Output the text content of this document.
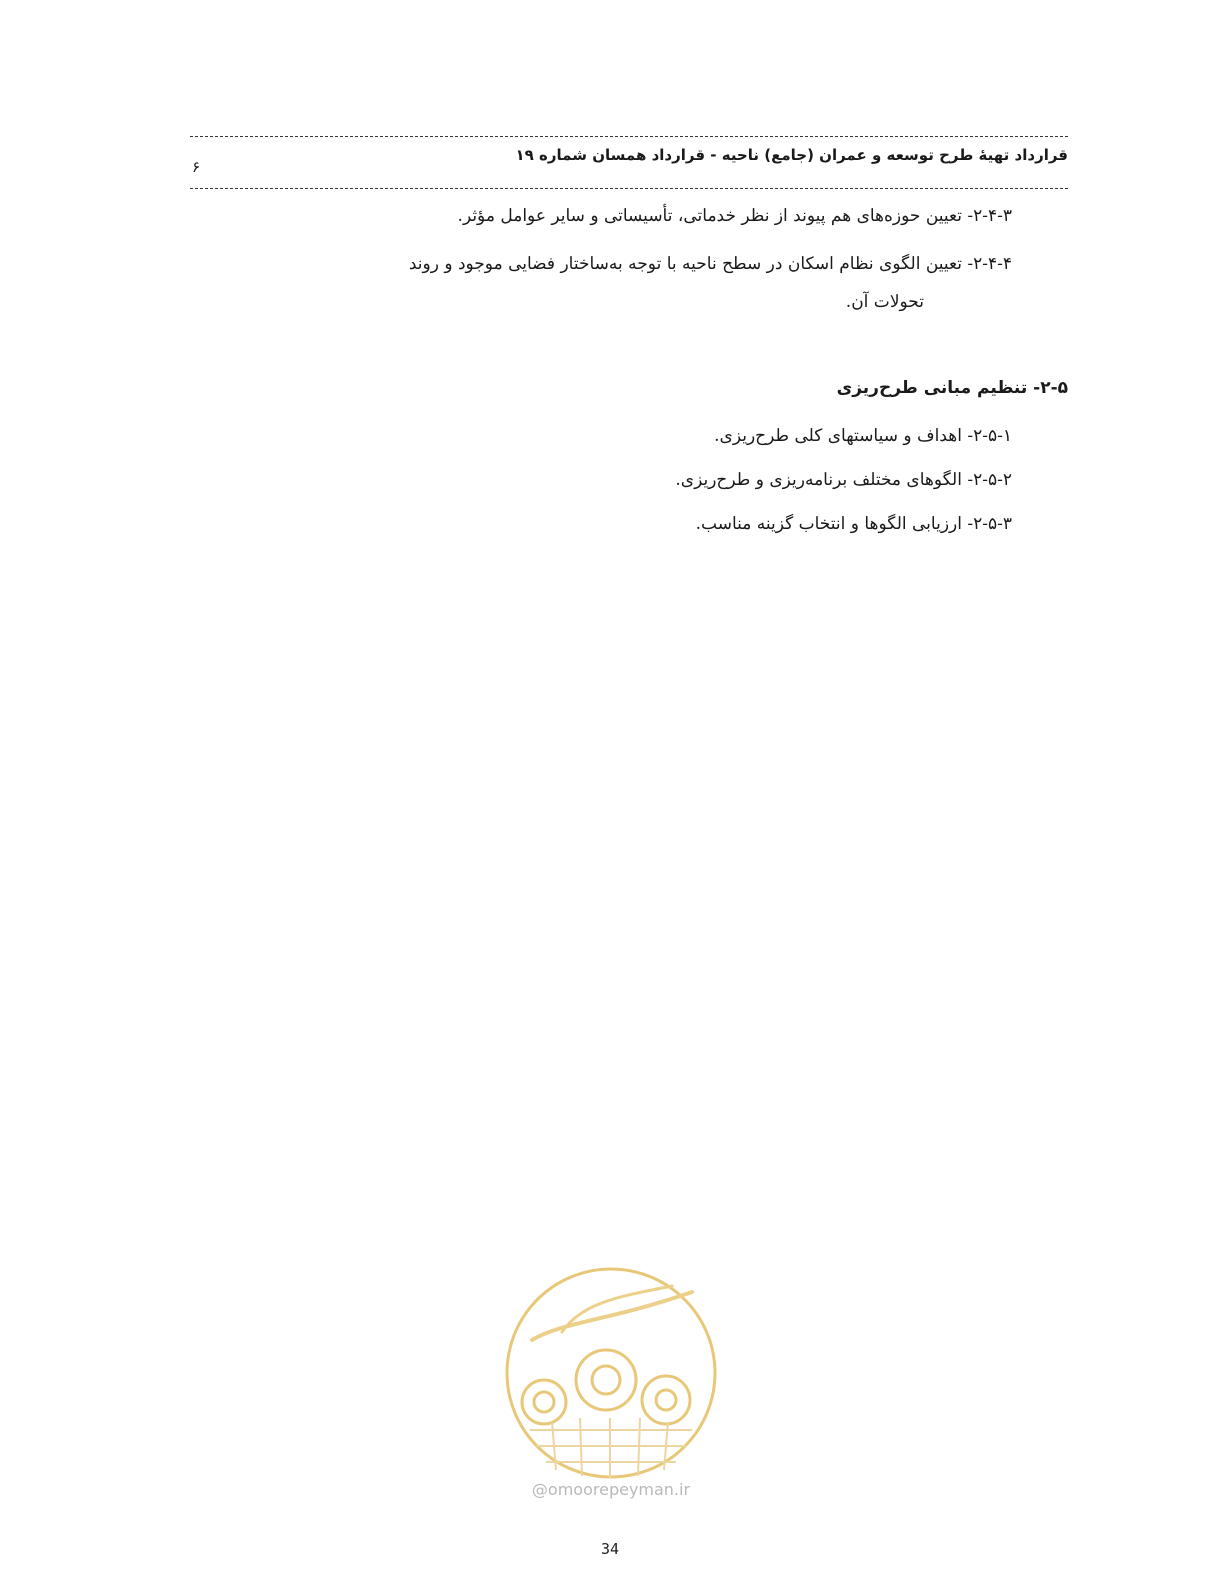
قرارداد تهیهٔ طرح توسعه و عمران (جامع) ناحیه - قرارداد همسان شماره ۱۹
۶
۲-۴-۳- تعیین حوزه‌های هم پیوند از نظر خدماتی، تأسیساتی و سایر عوامل مؤثر.
۲-۴-۴- تعیین الگوی نظام اسکان در سطح ناحیه با توجه به‌ساختار فضایی موجود و روند
تحولات آن.
۲-۵- تنظیم مبانی طرح‌ریزی
۲-۵-۱- اهداف و سیاستهای کلی طرح‌ریزی.
۲-۵-۲- الگوهای مختلف برنامه‌ریزی و طرح‌ریزی.
۲-۵-۳- ارزیابی الگوها و انتخاب گزینه مناسب.
@omoorepeyman.ir
34
